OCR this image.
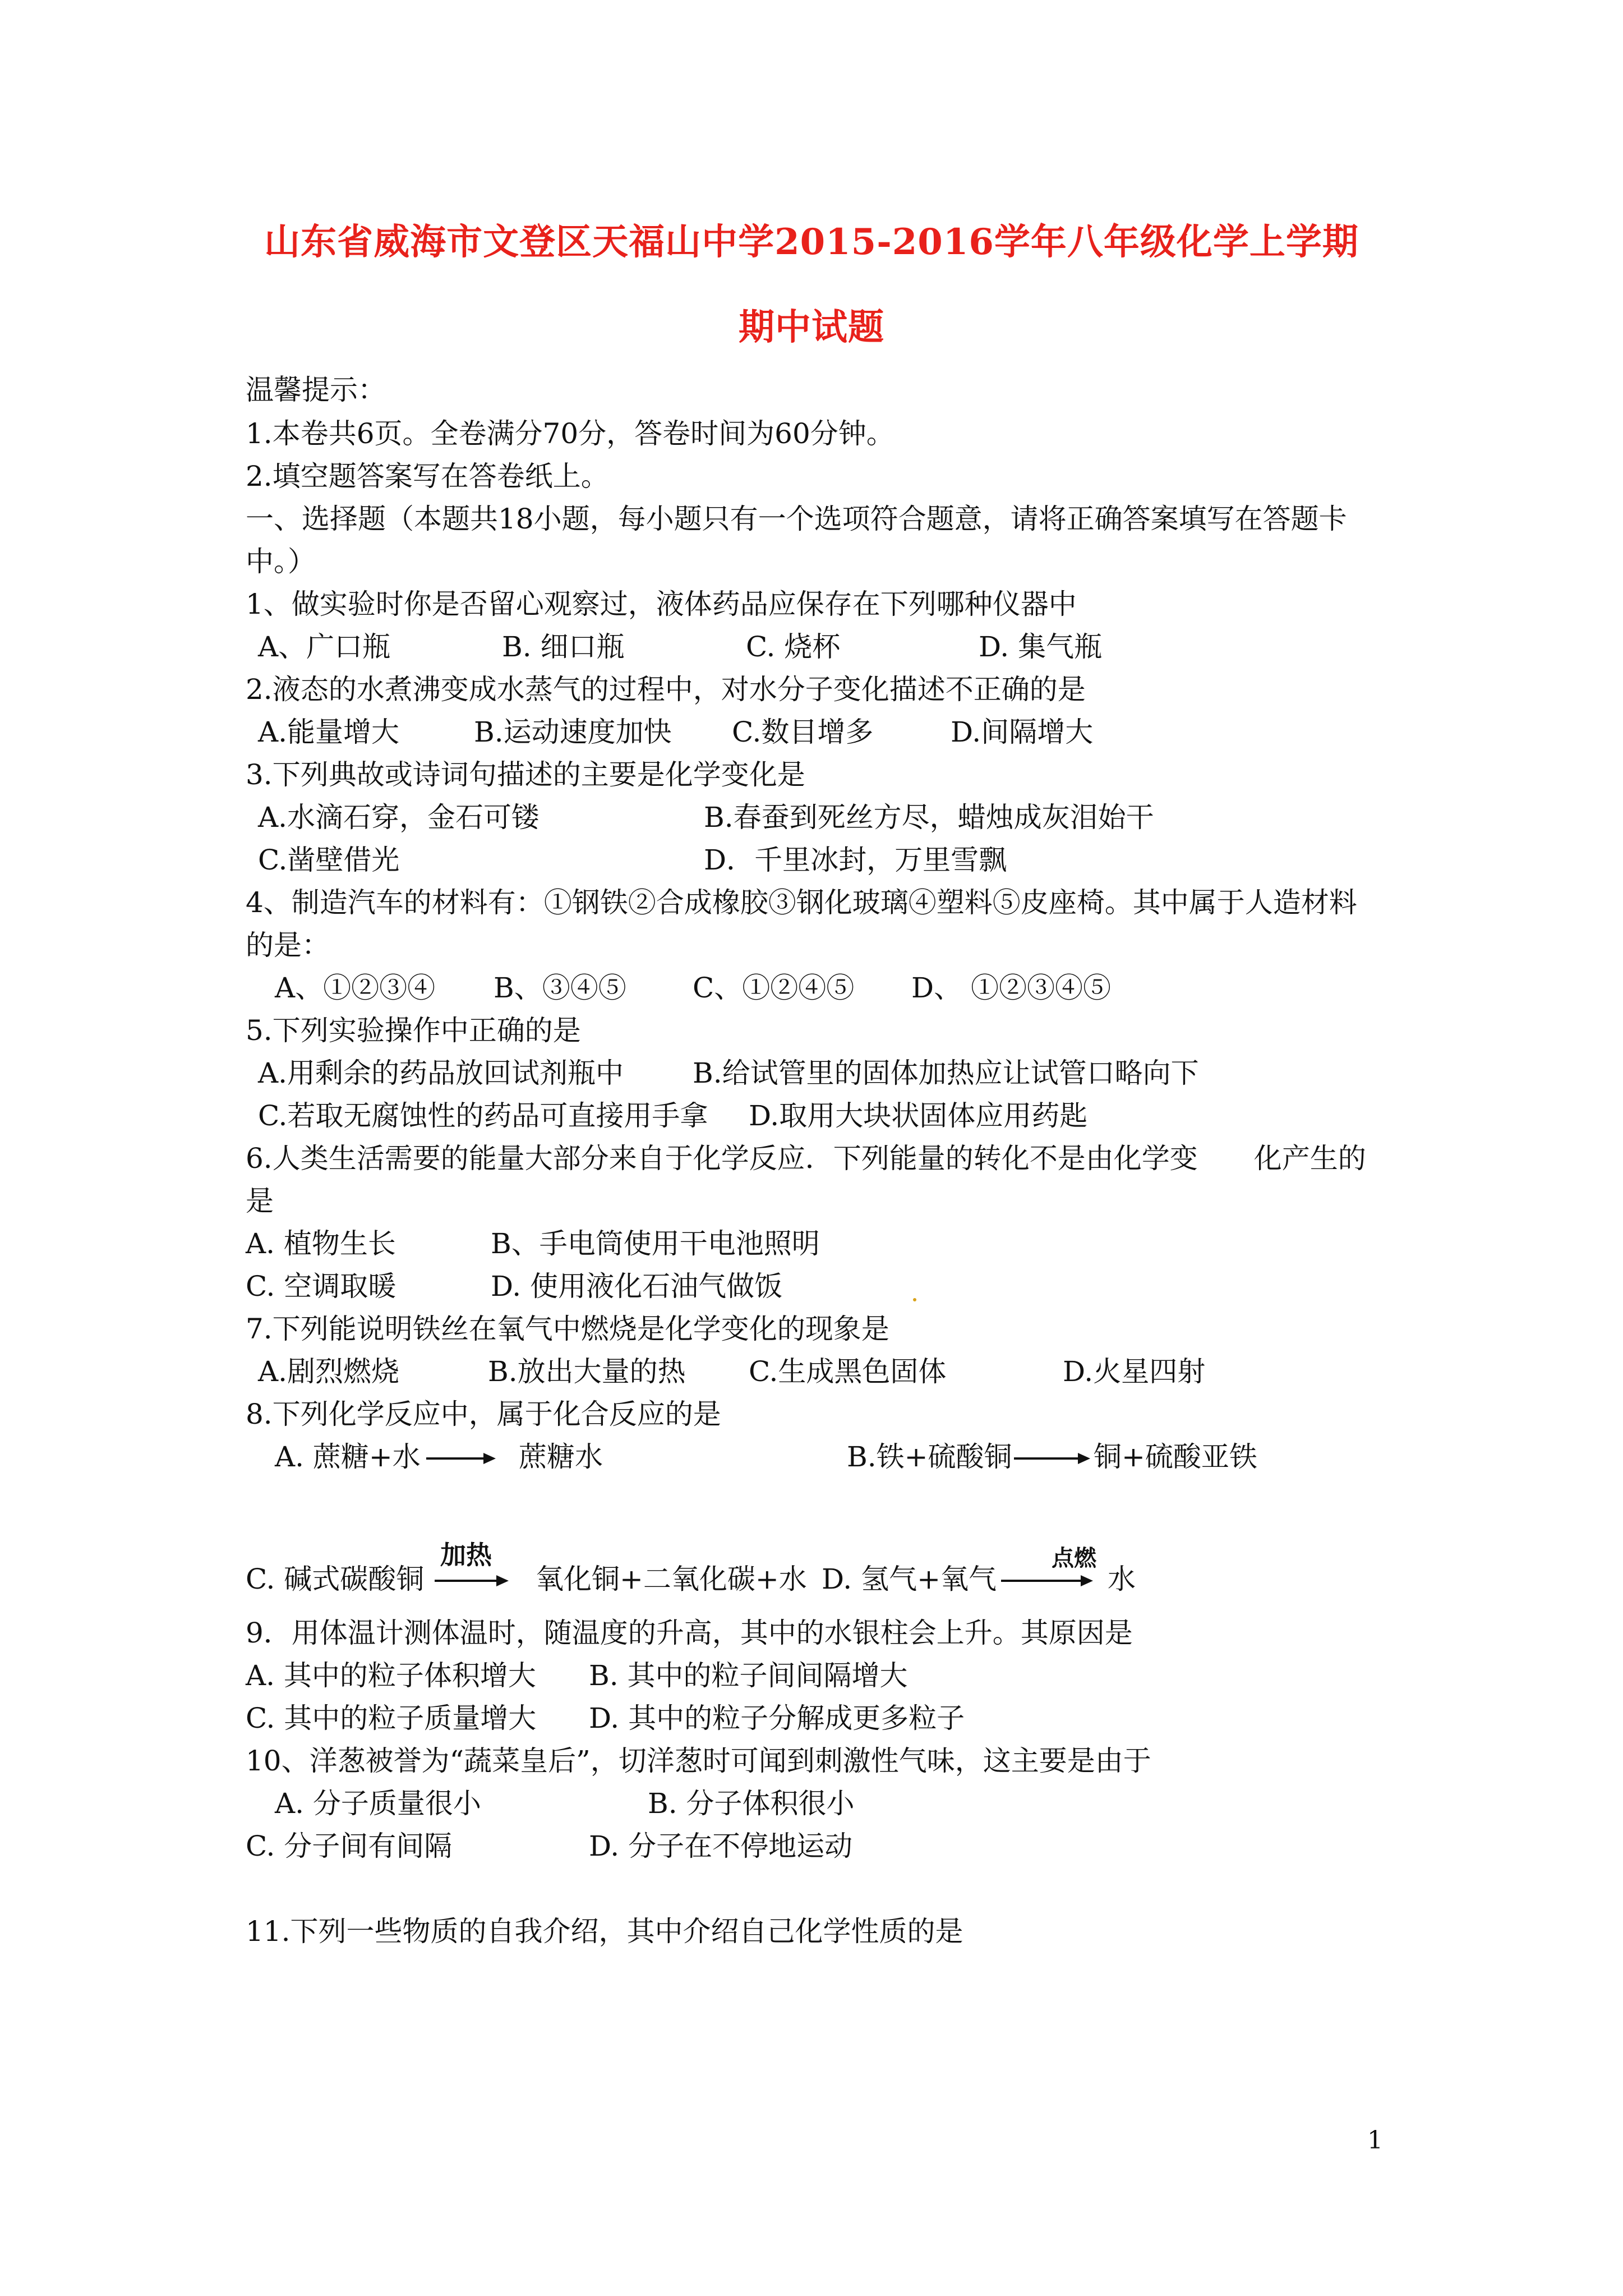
山东省威海市文登区天福山中学2015-2016学年八年级化学上学期
期中试题
温馨提示：
1.本卷共6页。全卷满分70分，答卷时间为60分钟。
2.填空题答案写在答卷纸上。
一、选择题（本题共18小题，每小题只有一个选项符合题意，请将正确答案填写在答题卡
中。）
1、做实验时你是否留心观察过，液体药品应保存在下列哪种仪器中
A、广口瓶	B. 细口瓶	C. 烧杯	D. 集气瓶
2.液态的水煮沸变成水蒸气的过程中，对水分子变化描述不正确的是
A.能量增大	B.运动速度加快 C.数目增多	D.间隔增大
3.下列典故或诗词句描述的主要是化学变化是
A.水滴石穿，金石可镂	B.春蚕到死丝方尽，蜡烛成灰泪始干
C.凿壁借光	D．千里冰封，万里雪飘
4、制造汽车的材料有：①钢铁②合成橡胶③钢化玻璃④塑料⑤皮座椅。其中属于人造材料
的是：
A、①②③④ B、③④⑤ C、①②④⑤ D、 ①②③④⑤
5.下列实验操作中正确的是
A.用剩余的药品放回试剂瓶中 B.给试管里的固体加热应让试管口略向下
C.若取无腐蚀性的药品可直接用手拿 D.取用大块状固体应用药匙
6.人类生活需要的能量大部分来自于化学反应．下列能量的转化不是由化学变　　化产生的
是
A. 植物生长	B、手电筒使用干电池照明
C. 空调取暖	D. 使用液化石油气做饭
7.下列能说明铁丝在氧气中燃烧是化学变化的现象是
A.剧烈燃烧	B.放出大量的热 C.生成黑色固体	D.火星四射
8.下列化学反应中，属于化合反应的是
A. 蔗糖+水	蔗糖水	B.铁+硫酸铜	铜+硫酸亚铁
C. 碱式碳酸铜
加热
氧化铜+二氧化碳+水 D. 氢气+氧气
点燃
水
9．用体温计测体温时，随温度的升高，其中的水银柱会上升。其原因是
A. 其中的粒子体积增大 B. 其中的粒子间间隔增大
C. 其中的粒子质量增大 D. 其中的粒子分解成更多粒子
10、洋葱被誉为“蔬菜皇后”，切洋葱时可闻到刺激性气味，这主要是由于
A. 分子质量很小	B. 分子体积很小
C. 分子间有间隔	D. 分子在不停地运动
11.下列一些物质的自我介绍，其中介绍自己化学性质的是
1
